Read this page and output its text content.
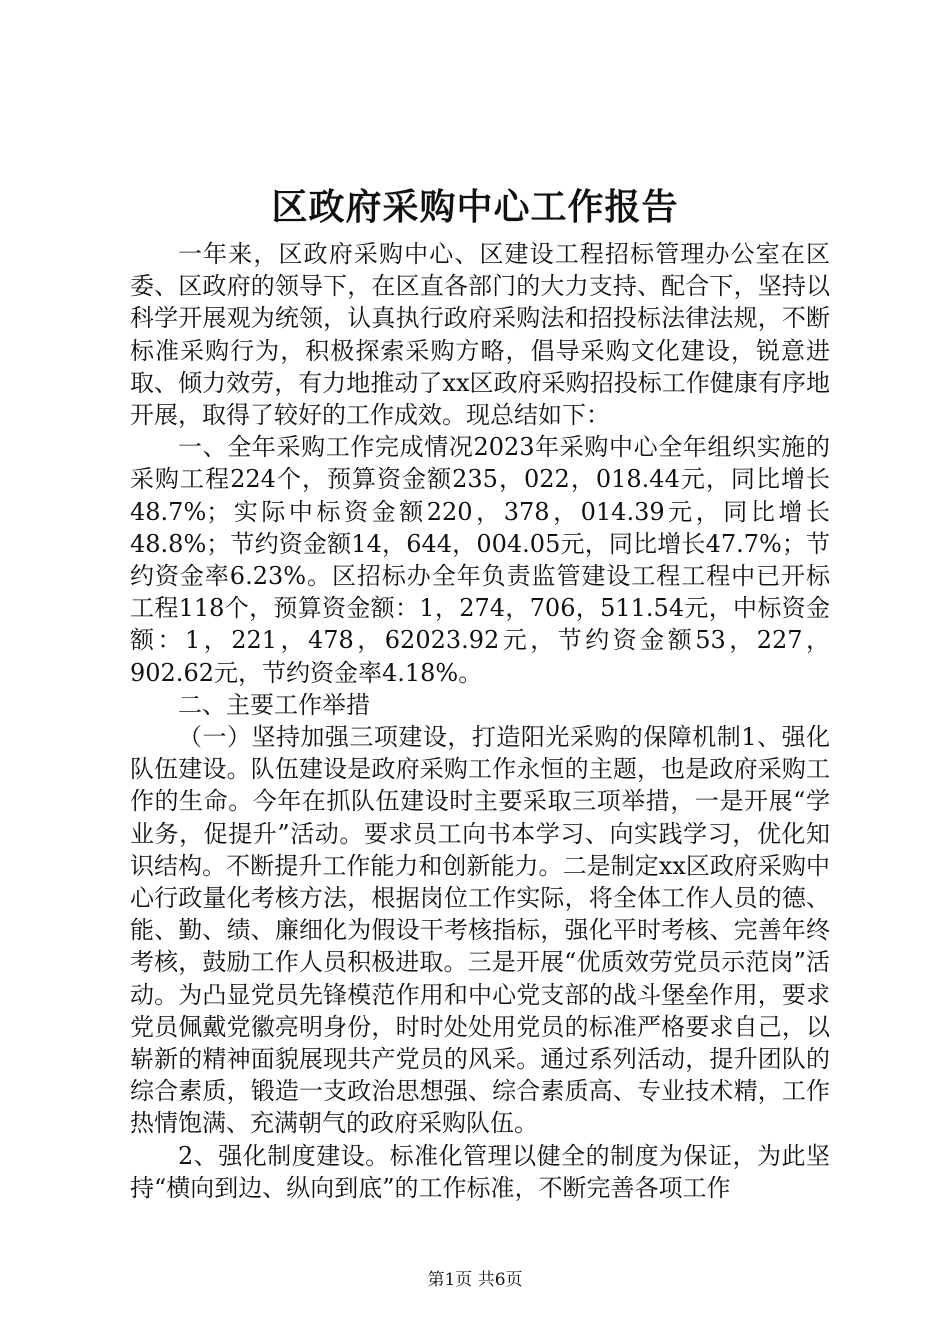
区政府采购中心工作报告

一年来，区政府采购中心、区建设工程招标管理办公室在区委、区政府的领导下，在区直各部门的大力支持、配合下，坚持以科学开展观为统领，认真执行政府采购法和招投标法律法规，不断标准采购行为，积极探索采购方略，倡导采购文化建设，锐意进取、倾力效劳，有力地推动了xx区政府采购招投标工作健康有序地开展，取得了较好的工作成效。现总结如下：

一、全年采购工作完成情况2023年采购中心全年组织实施的采购工程224个，预算资金额235，022，018.44元，同比增长48.7%；实际中标资金额220，378，014.39元，同比增长48.8%；节约资金额14，644，004.05元，同比增长47.7%；节约资金率6.23%。区招标办全年负责监管建设工程工程中已开标工程118个，预算资金额：1，274，706，511.54元，中标资金额：1，221，478，62023.92元，节约资金额53，227，902.62元，节约资金率4.18%。

二、主要工作举措

（一）坚持加强三项建设，打造阳光采购的保障机制1、强化队伍建设。队伍建设是政府采购工作永恒的主题，也是政府采购工作的生命。今年在抓队伍建设时主要采取三项举措，一是开展“学业务，促提升”活动。要求员工向书本学习、向实践学习，优化知识结构。不断提升工作能力和创新能力。二是制定xx区政府采购中心行政量化考核方法，根据岗位工作实际，将全体工作人员的德、能、勤、绩、廉细化为假设干考核指标，强化平时考核、完善年终考核，鼓励工作人员积极进取。三是开展“优质效劳党员示范岗”活动。为凸显党员先锋模范作用和中心党支部的战斗堡垒作用，要求党员佩戴党徽亮明身份，时时处处用党员的标准严格要求自己，以崭新的精神面貌展现共产党员的风采。通过系列活动，提升团队的综合素质，锻造一支政治思想强、综合素质高、专业技术精，工作热情饱满、充满朝气的政府采购队伍。

2、强化制度建设。标准化管理以健全的制度为保证，为此坚持“横向到边、纵向到底”的工作标准，不断完善各项工作

第1页 共6页
